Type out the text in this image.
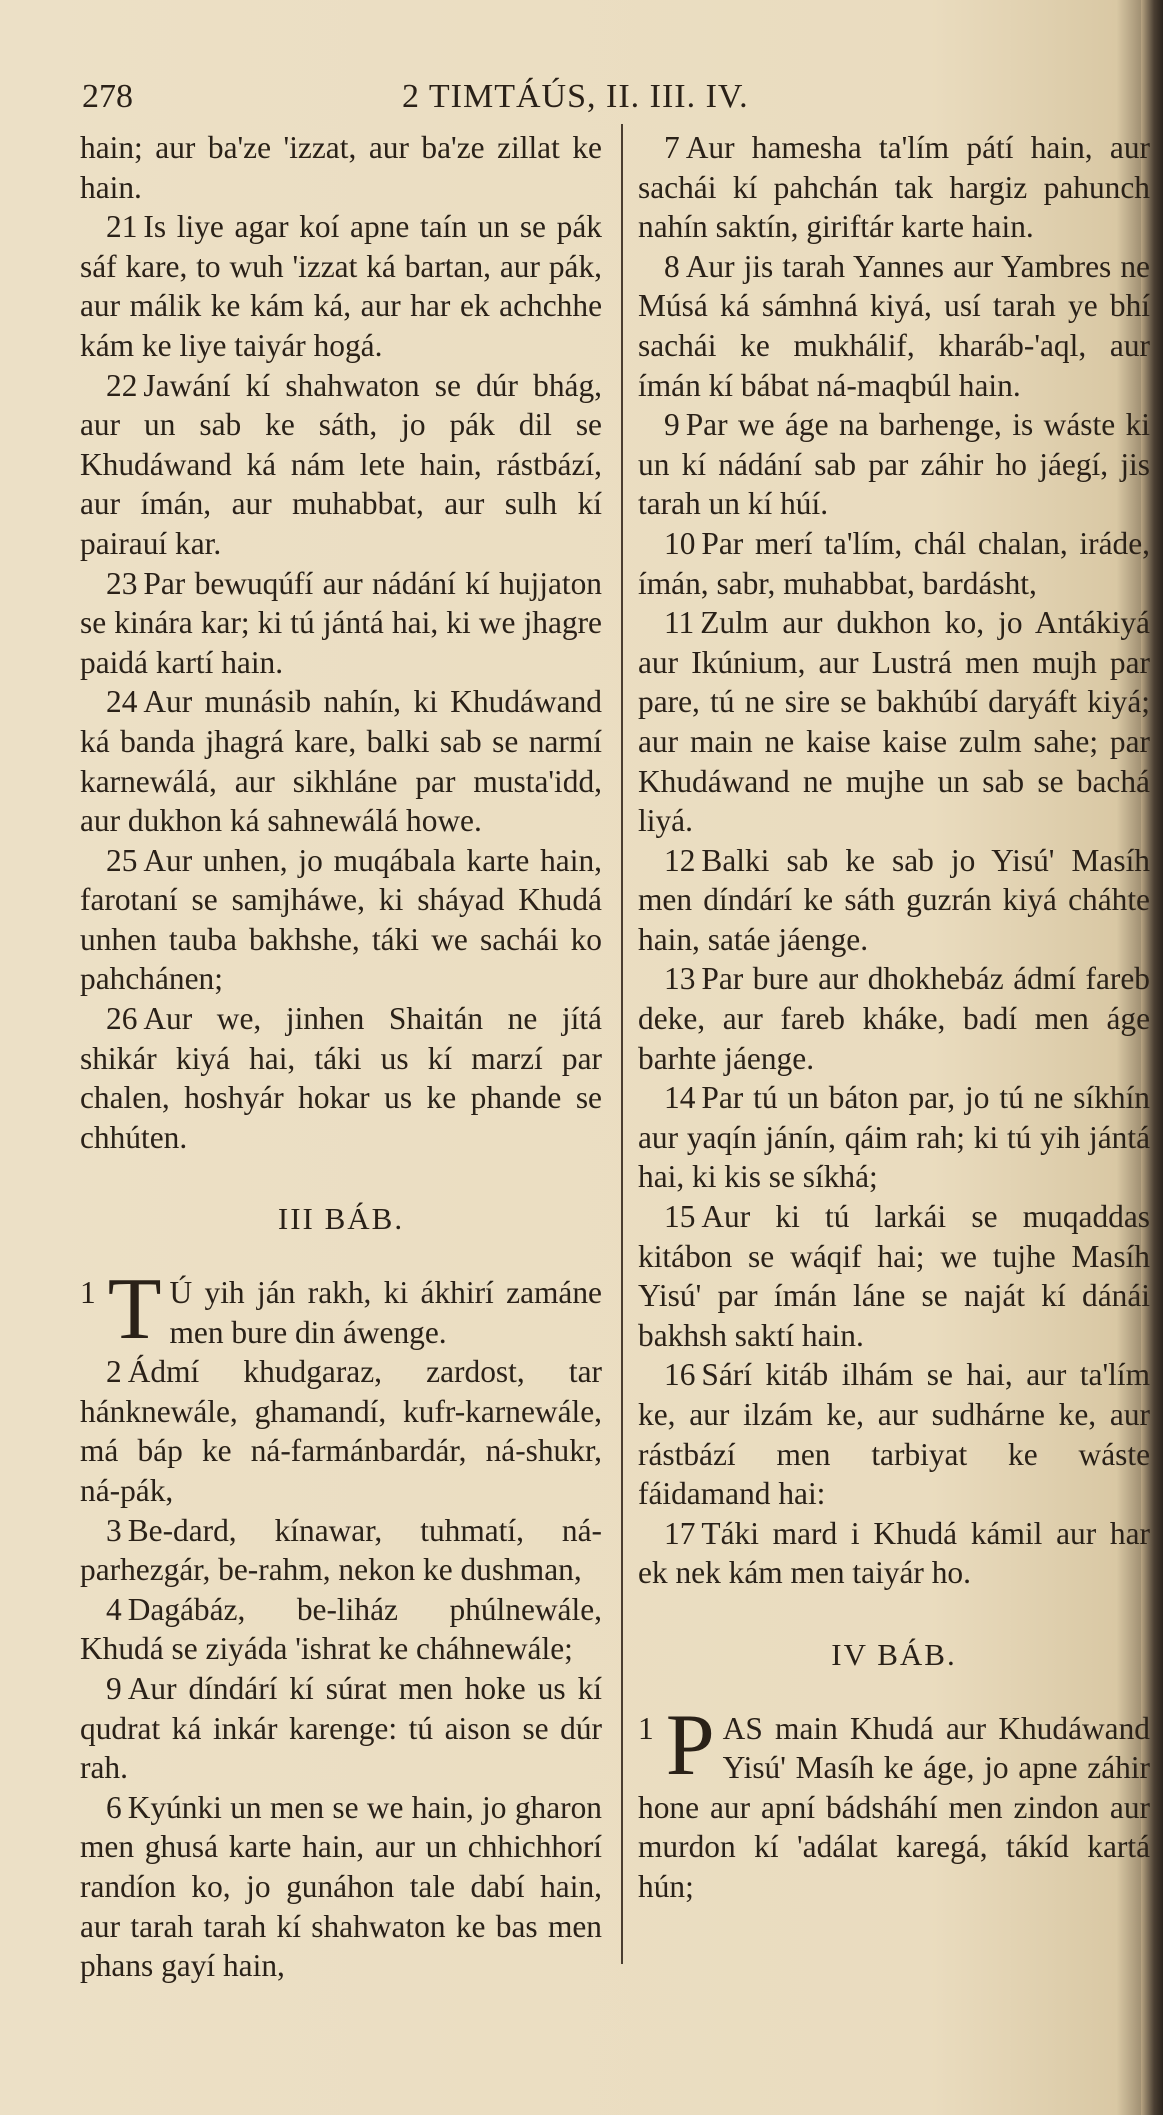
278	2 TIMTÁÚS, II. III. IV.

hain; aur ba'ze 'izzat, aur ba'ze zillat ke hain.

21 Is liye agar koí apne taín un se pák sáf kare, to wuh 'izzat ká bartan, aur pák, aur málik ke kám ká, aur har ek achchhe kám ke liye taiyár hogá.

22 Jawání kí shahwaton se dúr bhág, aur un sab ke sáth, jo pák dil se Khudáwand ká nám lete hain, rástbází, aur ímán, aur muhabbat, aur sulh kí pairauí kar.

23 Par bewuqúfí aur nádání kí hujjaton se kinára kar; ki tú jántá hai, ki we jhagre paidá kartí hain.

24 Aur munásib nahín, ki Khudáwand ká banda jhagrá kare, balki sab se narmí karnewálá, aur sikhláne par musta'idd, aur dukhon ká sahnewálá howe.

25 Aur unhen, jo muqábala karte hain, farotaní se samjháwe, ki sháyad Khudá unhen tauba bakhshe, táki we sachái ko pahchánen;

26 Aur we, jinhen Shaitán ne jítá shikár kiyá hai, táki us kí marzí par chalen, hoshyár hokar us ke phande se chhúten.

III BÁB.

1 T Ú yih ján rakh, ki ákhirí zamáne men bure din áwenge.

2 Ádmí khudgaraz, zardost, tar hánknewále, ghamandí, kufr-karnewále, má báp ke ná-farmánbardár, ná-shukr, ná-pák,

3 Be-dard, kínawar, tuhmatí, ná-parhezgár, be-rahm, nekon ke dushman,

4 Dagábáz, be-liház phúlnewále, Khudá se ziyáda 'ishrat ke cháhnewále;

9 Aur díndárí kí súrat men hoke us kí qudrat ká inkár karenge: tú aison se dúr rah.

6 Kyúnki un men se we hain, jo gharon men ghusá karte hain, aur un chhichhorí randíon ko, jo gunáhon tale dabí hain, aur tarah tarah kí shahwaton ke bas men phans gayí hain,

7 Aur hamesha ta'lím pátí hain, aur sachái kí pahchán tak hargiz pahunch nahín saktín, giriftár karte hain.

8 Aur jis tarah Yannes aur Yambres ne Músá ká sámhná kiyá, usí tarah ye bhí sachái ke mukhálif, kharáb-'aql, aur ímán kí bábat ná-maqbúl hain.

9 Par we áge na barhenge, is wáste ki un kí nádání sab par záhir ho jáegí, jis tarah un kí húí.

10 Par merí ta'lím, chál chalan, iráde, ímán, sabr, muhabbat, bardásht,

11 Zulm aur dukhon ko, jo Antákiyá aur Ikúnium, aur Lustrá men mujh par pare, tú ne sire se bakhúbí daryáft kiyá; aur main ne kaise kaise zulm sahe; par Khudáwand ne mujhe un sab se bachá liyá.

12 Balki sab ke sab jo Yisú' Masíh men díndárí ke sáth guzrán kiyá cháhte hain, satáe jáenge.

13 Par bure aur dhokhebáz ádmí fareb deke, aur fareb kháke, badí men áge barhte jáenge.

14 Par tú un báton par, jo tú ne síkhín aur yaqín jánín, qáim rah; ki tú yih jántá hai, ki kis se síkhá;

15 Aur ki tú larkái se muqaddas kitábon se wáqif hai; we tujhe Masíh Yisú' par ímán láne se naját kí dánái bakhsh saktí hain.

16 Sárí kitáb ilhám se hai, aur ta'lím ke, aur ilzám ke, aur sudhárne ke, aur rástbází men tarbiyat ke wáste fáidamand hai:

17 Táki mard i Khudá kámil aur har ek nek kám men taiyár ho.

IV BÁB.

1 P AS main Khudá aur Khudáwand Yisú' Masíh ke áge, jo apne záhir hone aur apní bádsháhí men zindon aur murdon kí 'adálat karegá, tákíd kartá hún;
